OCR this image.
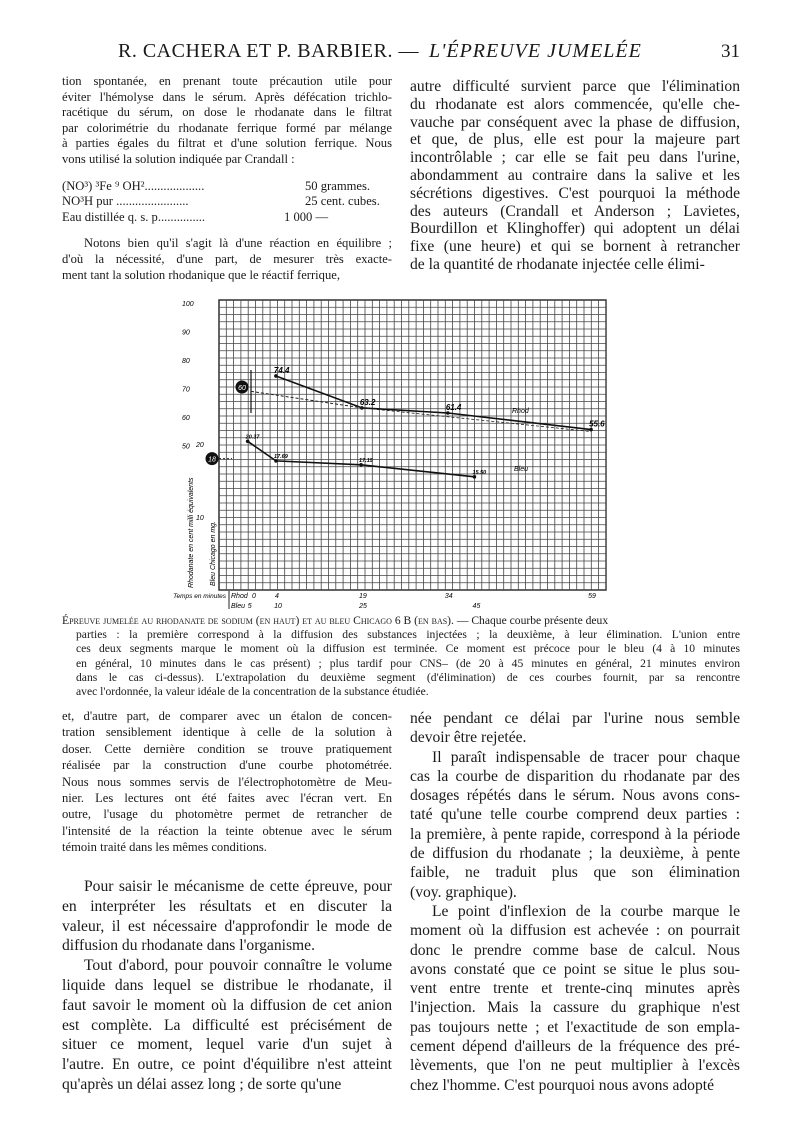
R. CACHERA ET P. BARBIER. — L'ÉPREUVE JUMELÉE	31
tion spontanée, en prenant toute précaution utile pour
éviter l'hémolyse dans le sérum. Après défécation trichlo-
racétique du sérum, on dose le rhodanate dans le filtrat
par colorimétrie du rhodanate ferrique formé par mélange
à parties égales du filtrat et d'une solution ferrique. Nous
vons utilisé la solution indiquée par Crandall :
(NO³) ³Fe ⁹ OH²...................	50 grammes.
NO³H pur .......................	25 cent. cubes.
Eau distillée q. s. p...............	1 000 —
Notons bien qu'il s'agit là d'une réaction en équilibre ;
d'où la nécessité, d'une part, de mesurer très exacte-
ment tant la solution rhodanique que le réactif ferrique,
autre difficulté survient parce que l'élimination
du rhodanate est alors commencée, qu'elle che-
vauche par conséquent avec la phase de diffusion,
et que, de plus, elle est pour la majeure part
incontrôlable ; car elle se fait peu dans l'urine,
abondamment au contraire dans la salive et les
sécrétions digestives. C'est pourquoi la méthode
des auteurs (Crandall et Anderson ; Lavietes,
Bourdillon et Klinghoffer) qui adoptent un délai
fixe (une heure) et qui se bornent à retrancher
de la quantité de rhodanate injectée celle élimi-
100
90
80
70
60
50
Rhodanate en cent milli équivalents
20
10
Bleu Chicago en mg.
Temps en minutes Rhod
Bleu
0	4	19	34	59
5	10	25	45
74.4
63.2
61.4
55.6
20.37
17.69
17.15
15.50
60
18
Rhod
Bleu
Épreuve jumelée au rhodanate de sodium (en haut) et au bleu Chicago 6 B (en bas). — Chaque courbe présente deux
parties : la première correspond à la diffusion des substances injectées ; la deuxième, à leur élimination. L'union entre
ces deux segments marque le moment où la diffusion est terminée. Ce moment est précoce pour le bleu (4 à 10 minutes
en général, 10 minutes dans le cas présent) ; plus tardif pour CNS– (de 20 à 45 minutes en général, 21 minutes environ
dans le cas ci-dessus). L'extrapolation du deuxième segment (d'élimination) de ces courbes fournit, par sa rencontre
avec l'ordonnée, la valeur idéale de la concentration de la substance étudiée.
et, d'autre part, de comparer avec un étalon de concen-
tration sensiblement identique à celle de la solution à
doser. Cette dernière condition se trouve pratiquement
réalisée par la construction d'une courbe photométrée.
Nous nous sommes servis de l'électrophotomètre de Meu-
nier. Les lectures ont été faites avec l'écran vert. En
outre, l'usage du photomètre permet de retrancher de
l'intensité de la réaction la teinte obtenue avec le sérum
témoin traité dans les mêmes conditions.
Pour saisir le mécanisme de cette épreuve, pour
en interpréter les résultats et en discuter la
valeur, il est nécessaire d'approfondir le mode de
diffusion du rhodanate dans l'organisme.
Tout d'abord, pour pouvoir connaître le volume
liquide dans lequel se distribue le rhodanate, il
faut savoir le moment où la diffusion de cet anion
est complète. La difficulté est précisément de
situer ce moment, lequel varie d'un sujet à
l'autre. En outre, ce point d'équilibre n'est atteint
qu'après un délai assez long ; de sorte qu'une
née pendant ce délai par l'urine nous semble
devoir être rejetée.
Il paraît indispensable de tracer pour chaque
cas la courbe de disparition du rhodanate par des
dosages répétés dans le sérum. Nous avons cons-
taté qu'une telle courbe comprend deux parties :
la première, à pente rapide, correspond à la période
de diffusion du rhodanate ; la deuxième, à pente
faible, ne traduit plus que son élimination
(voy. graphique).
Le point d'inflexion de la courbe marque le
moment où la diffusion est achevée : on pourrait
donc le prendre comme base de calcul. Nous
avons constaté que ce point se situe le plus sou-
vent entre trente et trente-cinq minutes après
l'injection. Mais la cassure du graphique n'est
pas toujours nette ; et l'exactitude de son empla-
cement dépend d'ailleurs de la fréquence des pré-
lèvements, que l'on ne peut multiplier à l'excès
chez l'homme. C'est pourquoi nous avons adopté
